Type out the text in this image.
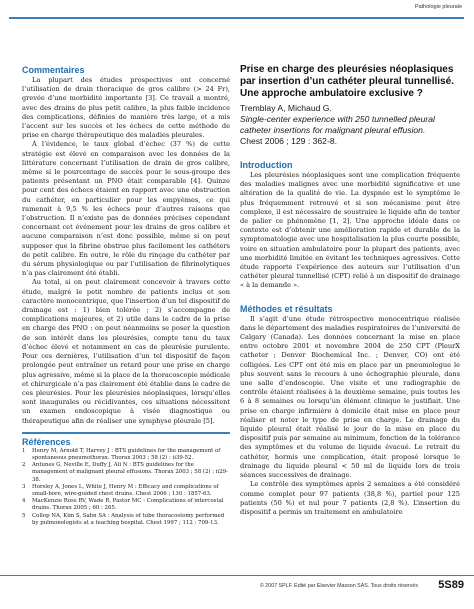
Pathologie pleurale
Commentaires

La plupart des études prospectives ont concerné l’utilisation de drain thoracique de gros calibre (> 24 Fr), grevée d’une morbidité importante [3]. Ce travail a montré, avec des drains de plus petit calibre, la plus faible incidence des complications, définies de manière très large, et a mis l’accent sur les succès et les échecs de cette méthode de prise en charge thérapeutique des maladies pleurales.

À l’évidence, le taux global d’échec (37 %) de cette stratégie est élevé en comparaison avec les données de la littérature concernant l’utilisation de drain de gros calibre, même si le pourcentage de succès pour le sous-groupe des patients présentant un PNO était comparable [4]. Quinze pour cent des échecs étaient en rapport avec une obstruction du cathéter, en particulier pour les empyèmes, ce qui ramenait à 9,5 % les échecs pour d’autres raisons que l’obstruction. Il n’existe pas de données précises cependant concernant cet événement pour les drains de gros calibre et aucune comparaison n’est donc possible, même si on peut supposer que la fibrine obstrue plus facilement les cathéters de petit calibre. En outre, le rôle du rinçage du cathéter par du sérum physiologique ou par l’utilisation de fibrinolytiques n’a pas clairement été établi.

Au total, si on peut clairement concevoir à travers cette étude, malgré le petit nombre de patients inclus et son caractère monocentrique, que l’insertion d’un tel dispositif de drainage est : 1) bien tolérée ; 2) s’accompagne de complications majeures, et 2) utile dans le cadre de la prise en charge des PNO : on peut néanmoins se poser la question de son intérêt dans les pleurésies, compte tenu du taux d’échec élevé et notamment en cas de pleurésie purulente. Pour ces dernières, l’utilisation d’un tel dispositif de façon prolongée peut entraîner un retard pour une prise en charge plus agressive, même si la place de la thoracoscopie médicale et chirurgicale n’a pas clairement été établie dans le cadre de ces pleurésies. Pour les pleurésies néoplasiques, lorsqu’elles sont inaugurales ou récidivantes, ces situations nécessitent un examen endoscopique à visée diagnostique ou thérapeutique afin de réaliser une symphyse pleurale [5].

Références
1	Henry M, Arnold T, Harvey J : BTS guidelines for the management of spontaneous pneumothorax. Thorax 2003 ; 58 (2) : ii39-52.
2	Antunes G, Neville E, Duffy J, Ali N : BTS guidelines for the management of malignant pleural effusions. Thorax 2003 ; 58 (2) : ii29-38.
3	Horsley A, Jones L, White J, Henry M : Efficacy and complications of small-bore, wire-guided chest drains. Chest 2006 ; 130 : 1857-63.
4	MacKenzie Ross RV, Wade R, Pastor MC : Complications of intercostal drains. Thorax 2005 ; 60 : 265.
5	Collop NA, Kim S, Sahn SA : Analysis of tube thoracostomy performed by pulmonologists at a teaching hospital. Chest 1997 ; 112 : 709-13.
Prise en charge des pleurésies néoplasiques par insertion d’un cathéter pleural tunnellisé. Une approche ambulatoire exclusive ?
Tremblay A, Michaud G.
Single-center experience with 250 tunnelled pleural catheter insertions for malignant pleural effusion.
Chest 2006 ; 129 : 362-8.
Introduction

Les pleurésies néoplasiques sont une complication fréquente des maladies malignes avec une morbidité significative et une altération de la qualité de vie. La dyspnée est le symptôme le plus fréquemment retrouvé et si son mécanisme peut être complexe, il est nécessaire de soustraire le liquide afin de tenter de palier ce phénomène [1, 2]. Une approche idéale dans ce contexte est d’obtenir une amélioration rapide et durable de la symptomatologie avec une hospitalisation la plus courte possible, voire en situation ambulatoire pour la plupart des patients, avec une morbidité limitée en évitant les techniques agressives. Cette étude rapporte l’expérience des auteurs sur l’utilisation d’un cathéter pleural tunnellisé (CPT) relié à un dispositif de drainage « à la demande ».

Méthodes et résultats

Il s’agit d’une étude rétrospective monocentrique réalisée dans le département des maladies respiratoires de l’université de Calgary (Canada). Les données concernant la mise en place entre octobre 2001 et novembre 2004 de 250 CPT (PleurX catheter ; Denver Biochemical Inc. ; Denver, CO) ont été colligées. Les CPT ont été mis en place par un pneumologue le plus souvent sans le recours à une échographie pleurale, dans une salle d’endoscopie. Une visite et une radiographie de contrôle étaient réalisées à la deuxième semaine, puis toutes les 6 à 8 semaines ou lorsqu’un élément clinique le justifiait. Une prise en charge infirmière à domicile était mise en place pour réaliser et noter le type de prise en charge. Le drainage du liquide pleural était réalisé le jour de la mise en place du dispositif puis par semaine au minimum, fonction de la tolérance des symptômes et du volume de liquide évacué. Le retrait du cathéter, hormis une complication, était proposé lorsque le drainage du liquide pleural < 50 ml de liquide lors de trois séances successives de drainage.

Le contrôle des symptômes après 2 semaines a été considéré comme complet pour 97 patients (38,8 %), partiel pour 125 patients (50 %) et nul pour 7 patients (2,8 %). L’insertion du dispositif a permis un traitement en ambulatoire

© 2007 SPLF. Édité par Elsevier Masson SAS. Tous droits réservés 5S89
